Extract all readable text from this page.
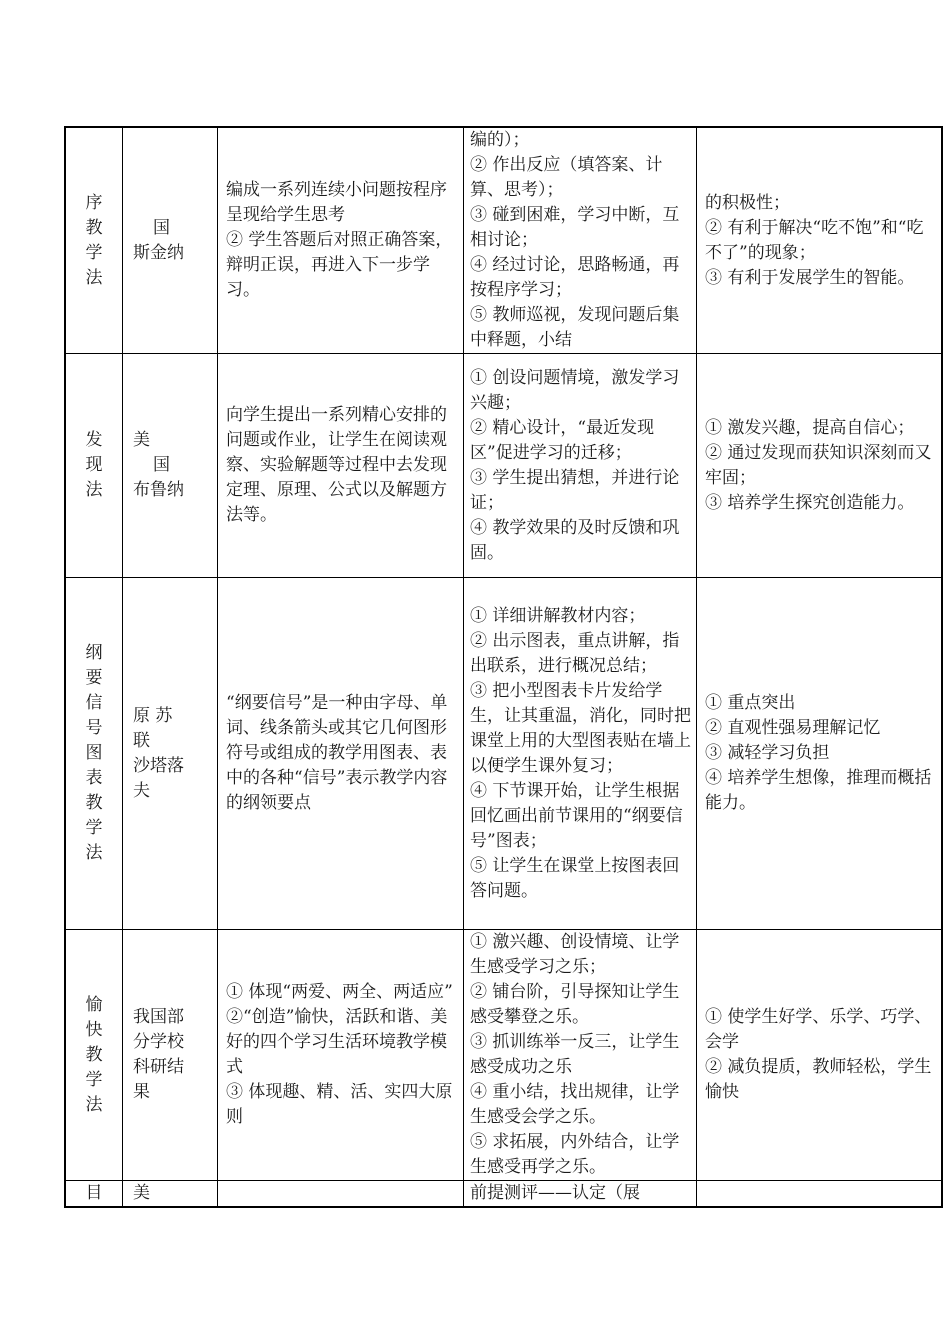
序教学法	国
斯金纳	编成一系列连续小问题按程序呈现给学生思考
② 学生答题后对照正确答案，辩明正误，再进入下一步学习。	编的）；
② 作出反应（填答案、计算、思考）；
③ 碰到困难，学习中断，互相讨论；
④ 经过讨论，思路畅通，再按程序学习；
⑤ 教师巡视，发现问题后集中释题，小结	的积极性；
② 有利于解决“吃不饱”和“吃不了”的现象；
③ 有利于发展学生的智能。

发现法	美
国
布鲁纳	向学生提出一系列精心安排的问题或作业，让学生在阅读观察、实验解题等过程中去发现定理、原理、公式以及解题方法等。	① 创设问题情境，激发学习兴趣；
② 精心设计，“最近发现区”促进学习的迁移；
③ 学生提出猜想，并进行论证；
④ 教学效果的及时反馈和巩固。	① 激发兴趣，提高自信心；
② 通过发现而获知识深刻而又牢固；
③ 培养学生探究创造能力。

纲要信号图表教学法	原 苏
联
沙塔落
夫	“纲要信号”是一种由字母、单词、线条箭头或其它几何图形符号或组成的教学用图表、表中的各种“信号”表示教学内容的纲领要点	① 详细讲解教材内容；
② 出示图表，重点讲解，指出联系，进行概况总结；
③ 把小型图表卡片发给学生，让其重温，消化，同时把课堂上用的大型图表贴在墙上以便学生课外复习；
④ 下节课开始，让学生根据回忆画出前节课用的“纲要信号”图表；
⑤ 让学生在课堂上按图表回答问题。	① 重点突出
② 直观性强易理解记忆
③ 减轻学习负担
④ 培养学生想像，推理而概括能力。

愉快教学法	我国部
分学校
科研结
果	① 体现“两爱、两全、两适应”
②“创造”愉快，活跃和谐、美好的四个学习生活环境教学模式
③ 体现趣、精、活、实四大原则	① 激兴趣、创设情境、让学生感受学习之乐；
② 铺台阶，引导探知让学生感受攀登之乐。
③ 抓训练举一反三，让学生感受成功之乐
④ 重小结，找出规律，让学生感受会学之乐。
⑤ 求拓展，内外结合，让学生感受再学之乐。	① 使学生好学、乐学、巧学、会学
② 减负提质，教师轻松，学生愉快

目	美		前提测评——认定（展	
